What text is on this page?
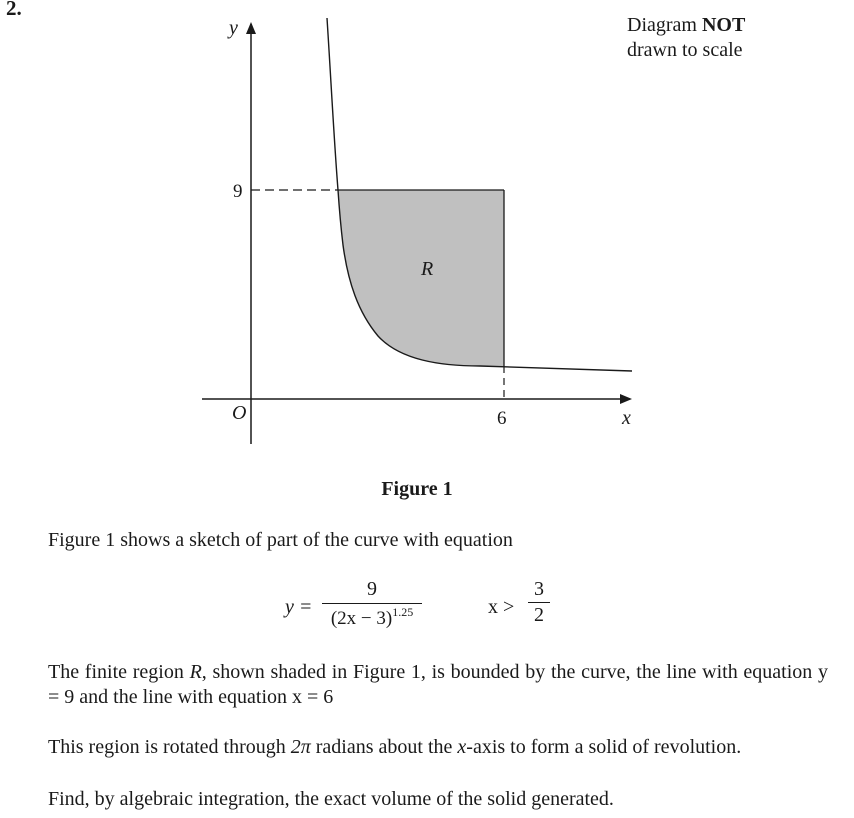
2.
Diagram NOT
drawn to scale
y
x
O
9
6
R
Figure 1
Figure 1 shows a sketch of part of the curve with equation
$y = \frac{9}{(2x - 3)^{1.25}}$	$x > \frac{3}{2}$
The finite region R, shown shaded in Figure 1, is bounded by the curve, the line with equation y = 9 and the line with equation x = 6
This region is rotated through 2π radians about the x-axis to form a solid of revolution.
Find, by algebraic integration, the exact volume of the solid generated.
